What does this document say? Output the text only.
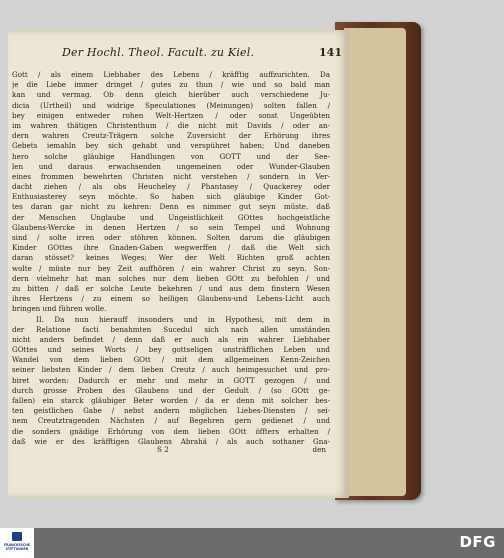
Der Hochl. Theol. Facult. zu Kiel.	141
Gott / als einem Liebhaber des Lebens / kräfftig auffzurichten. Da
je die Liebe immer dringet / gutes zu thun / wie und so bald man
kan und vermag. Ob denn gleich hierüber auch verschiedene Ju-
dicia (Urtheil) und widrige Speculationes (Meinungen) solten fallen /
bey einigen entweder rohen Welt-Hertzen / oder sonst Ungeübten
im wahren thätigen Christenthum / die nicht mit Davids / oder an-
dern wahren Creutz-Trägern solche Zuversicht der Erhörung ihres
Gebets iemahln bey sich gehabt und verspühret haben; Und daneben
hero solche gläubige Handlungen von GOTT und der See-
len und daraus erwachsenden ungemeinen oder Wunder-Glauben
eines frommen bewehrten Christen nicht verstehen / sondern in Ver-
dacht ziehen / als obs Heucheley / Phantasey / Quackerey oder
Enthusiasterey seyn möchte. So haben sich gläubige Kinder Got-
tes daran gar nicht zu kehren: Denn es nimmer gut seyn müste, daß
der Menschen Unglaube und Ungeistlichkeit GOttes hochgeistliche
Glaubens-Wercke in denen Hertzen / so sein Tempel und Wohnung
sind / solte irren oder stöhren können. Solten darum die gläubigen
Kinder GOttes ihre Gnaden-Gaben wegwerffen / daß die Welt sich
daran stösset? keines Weges; Wer der Welt Richten groß achten
wolte / müste nur bey Zeit auffhören / ein wahrer Christ zu seyn. Son-
dern vielmehr hat man solches nur dem lieben GOtt zu befohlen / und
zu bitten / daß er solche Leute bekehren / und aus dem finstern Wesen
ihres Hertzens / zu einem so heiligen Glaubens-und Lebens-Licht auch
bringen und führen wolle.
II. Da nun hierauff insonders und in Hypothesi, mit dem in
der Relatione facti benahmten Sucedul sich nach allen umständen
nicht anders befindet / denn daß er auch als ein wahrer Liebhaber
GOttes und seines Worts / bey gottseligen unsträfflichen Leben und
Wandel von dem lieben GOtt / mit dem allgemeinen Kenn-Zeichen
seiner liebsten Kinder / dem lieben Creutz / auch heimgesuchet und pro-
biret worden: Dadurch er mehr und mehr in GOTT gezogen / und
durch grosse Proben des Glaubens und der Gedult / (so GOtt ge-
fallen) ein starck gläubiger Beter worden / da er denn mit solcher bes-
ten geistlichen Gabe / nebst andern möglichen Liebes-Diensten / sei-
nem Creutztragenden Nächsten / auf Begehren gern gedienet / und
die sonders gnädige Erhörung von dem lieben GOtt öffters erhalten /
daß wie er des kräfftigen Glaubens Abrahä / als auch sothaner Gna-
S 2	den
FRANCKESCHE STIFTUNGEN	DFG
